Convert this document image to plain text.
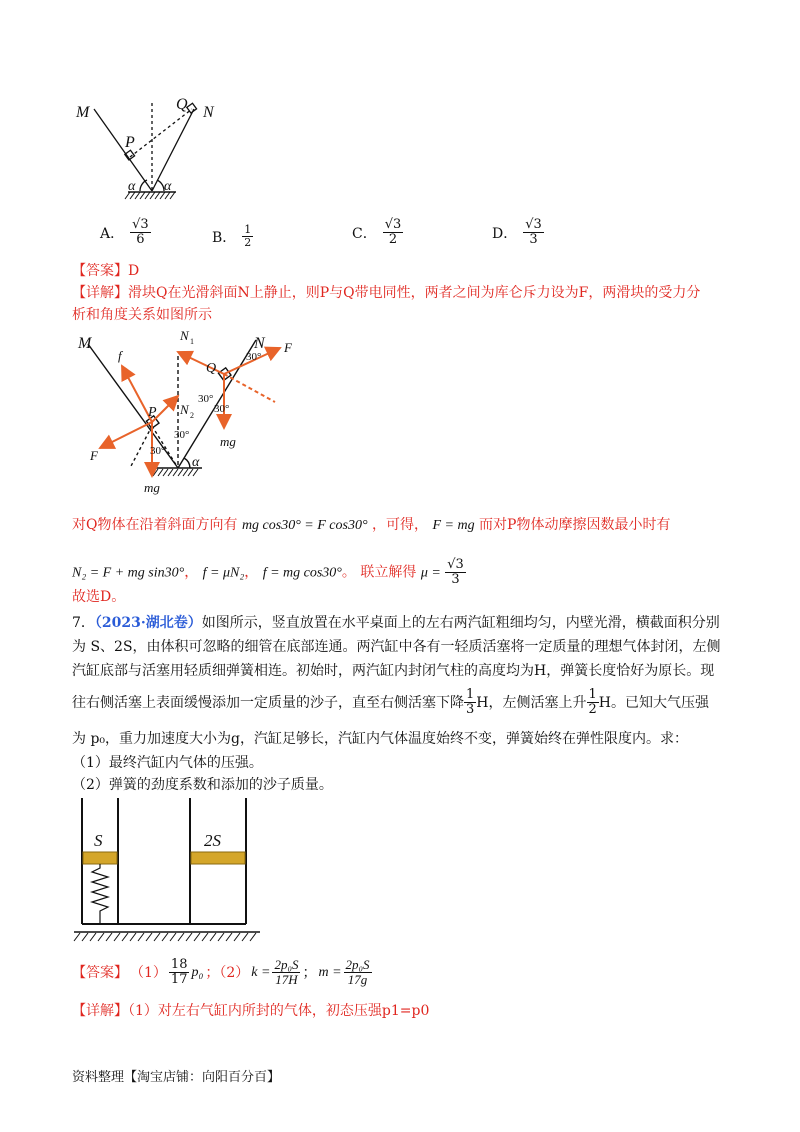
M	N
Q
P
α α
A． $\frac{√3}{6}$	B． $\frac{1}{2}$	C． $\frac{√3}{2}$	D． $\frac{√3}{3}$
【答案】D
【详解】滑块Q在光滑斜面N上静止，则P与Q带电同性，两者之间为库仑斥力设为F，两滑块的受力分
析和角度关系如图所示
M	N
f
N 1
N 2
F
F
P
Q
mg
mg
30°
30°
30°
30°
30°
α
对Q物体在沿着斜面方向有 mg cos30° = F cos30° ，可得， F = mg 而对P物体动摩擦因数最小时有
N₂ = F + mg sin30°， f = μN₂， f = mg cos30°。 联立解得 $\mu = \frac{√3}{3}$
故选D。
7．（2023·湖北卷）如图所示，竖直放置在水平桌面上的左右两汽缸粗细均匀，内壁光滑，横截面积分别
为 S、2S，由体积可忽略的细管在底部连通。两汽缸中各有一轻质活塞将一定质量的理想气体封闭，左侧
汽缸底部与活塞用轻质细弹簧相连。初始时，两汽缸内封闭气柱的高度均为H，弹簧长度恰好为原长。现
往右侧活塞上表面缓慢添加一定质量的沙子，直至右侧活塞下降 $\frac{1}{3}$ H，左侧活塞上升 $\frac{1}{2}$ H。已知大气压强
为 p₀，重力加速度大小为g，汽缸足够长，汽缸内气体温度始终不变，弹簧始终在弹性限度内。求：
（1）最终汽缸内气体的压强。
（2）弹簧的劲度系数和添加的沙子质量。
S	2S
【答案】 $(1) \frac{18}{17} p_0$ ；（2） $k = \frac{\text{2p₀S}}{17H}$ ； $m = \frac{\text{2p₀S}}{17g}$
【详解】（1）对左右气缸内所封的气体，初态压强p1=p0
资料整理【淘宝店铺：向阳百分百】
